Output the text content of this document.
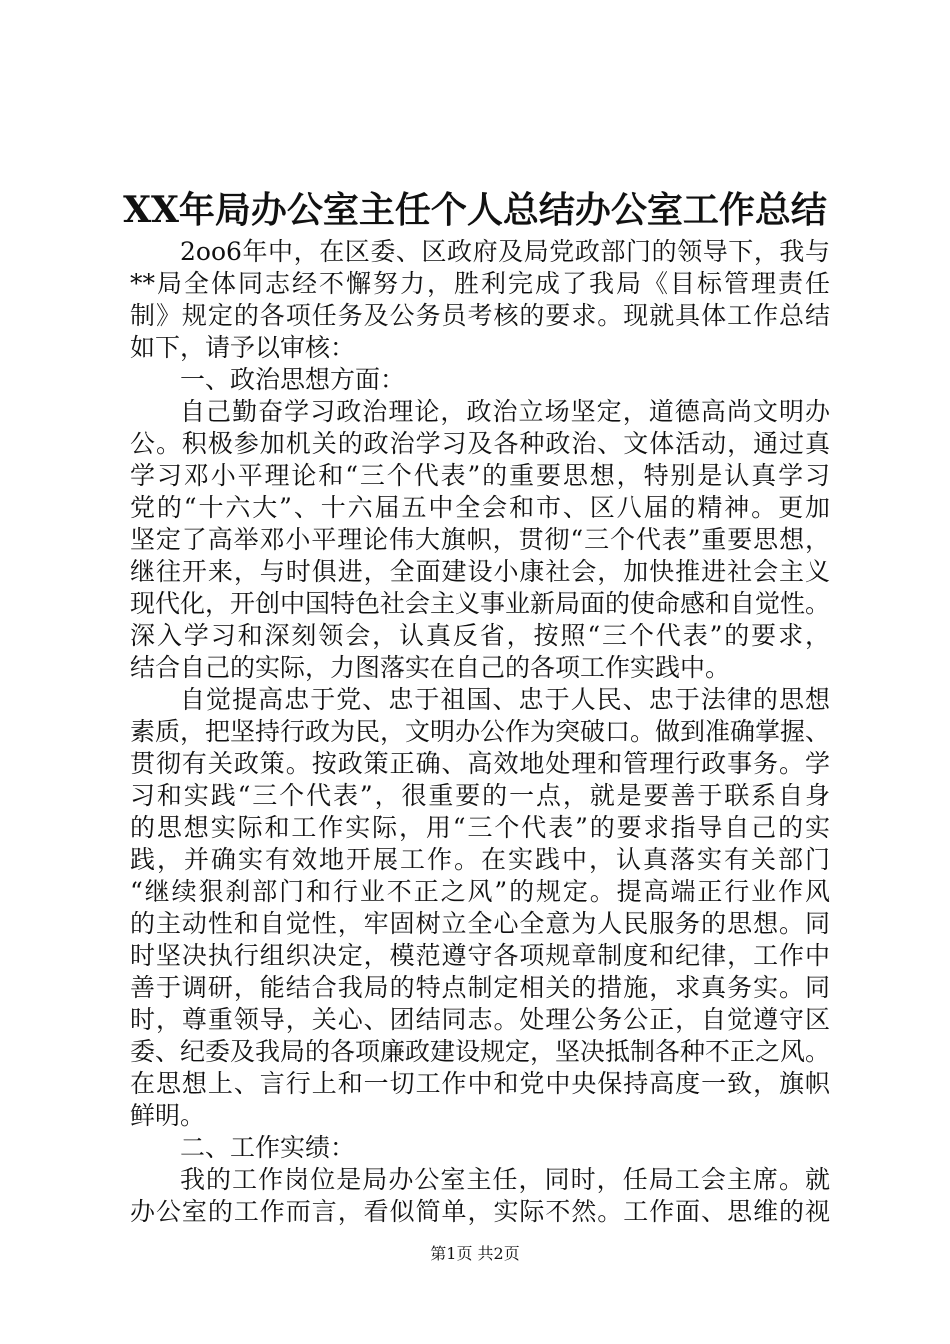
XX年局办公室主任个人总结办公室工作总结
2oo6年中，在区委、区政府及局党政部门的领导下，我与
**局全体同志经不懈努力，胜利完成了我局《目标管理责任
制》规定的各项任务及公务员考核的要求。现就具体工作总结
如下，请予以审核：
一、政治思想方面：
自己勤奋学习政治理论，政治立场坚定，道德高尚文明办
公。积极参加机关的政治学习及各种政治、文体活动，通过真
学习邓小平理论和“三个代表”的重要思想，特别是认真学习
党的“十六大”、十六届五中全会和市、区八届的精神。更加
坚定了高举邓小平理论伟大旗帜，贯彻“三个代表”重要思想，
继往开来，与时俱进，全面建设小康社会，加快推进社会主义
现代化，开创中国特色社会主义事业新局面的使命感和自觉性。
深入学习和深刻领会，认真反省，按照“三个代表”的要求，
结合自己的实际，力图落实在自己的各项工作实践中。
自觉提高忠于党、忠于祖国、忠于人民、忠于法律的思想
素质，把坚持行政为民，文明办公作为突破口。做到准确掌握、
贯彻有关政策。按政策正确、高效地处理和管理行政事务。学
习和实践“三个代表”，很重要的一点，就是要善于联系自身
的思想实际和工作实际，用“三个代表”的要求指导自己的实
践，并确实有效地开展工作。在实践中，认真落实有关部门
“继续狠刹部门和行业不正之风”的规定。提高端正行业作风
的主动性和自觉性，牢固树立全心全意为人民服务的思想。同
时坚决执行组织决定，模范遵守各项规章制度和纪律，工作中
善于调研，能结合我局的特点制定相关的措施，求真务实。同
时，尊重领导，关心、团结同志。处理公务公正，自觉遵守区
委、纪委及我局的各项廉政建设规定，坚决抵制各种不正之风。
在思想上、言行上和一切工作中和党中央保持高度一致，旗帜
鲜明。
二、工作实绩：
我的工作岗位是局办公室主任，同时，任局工会主席。就
办公室的工作而言，看似简单，实际不然。工作面、思维的视
第1页 共2页
